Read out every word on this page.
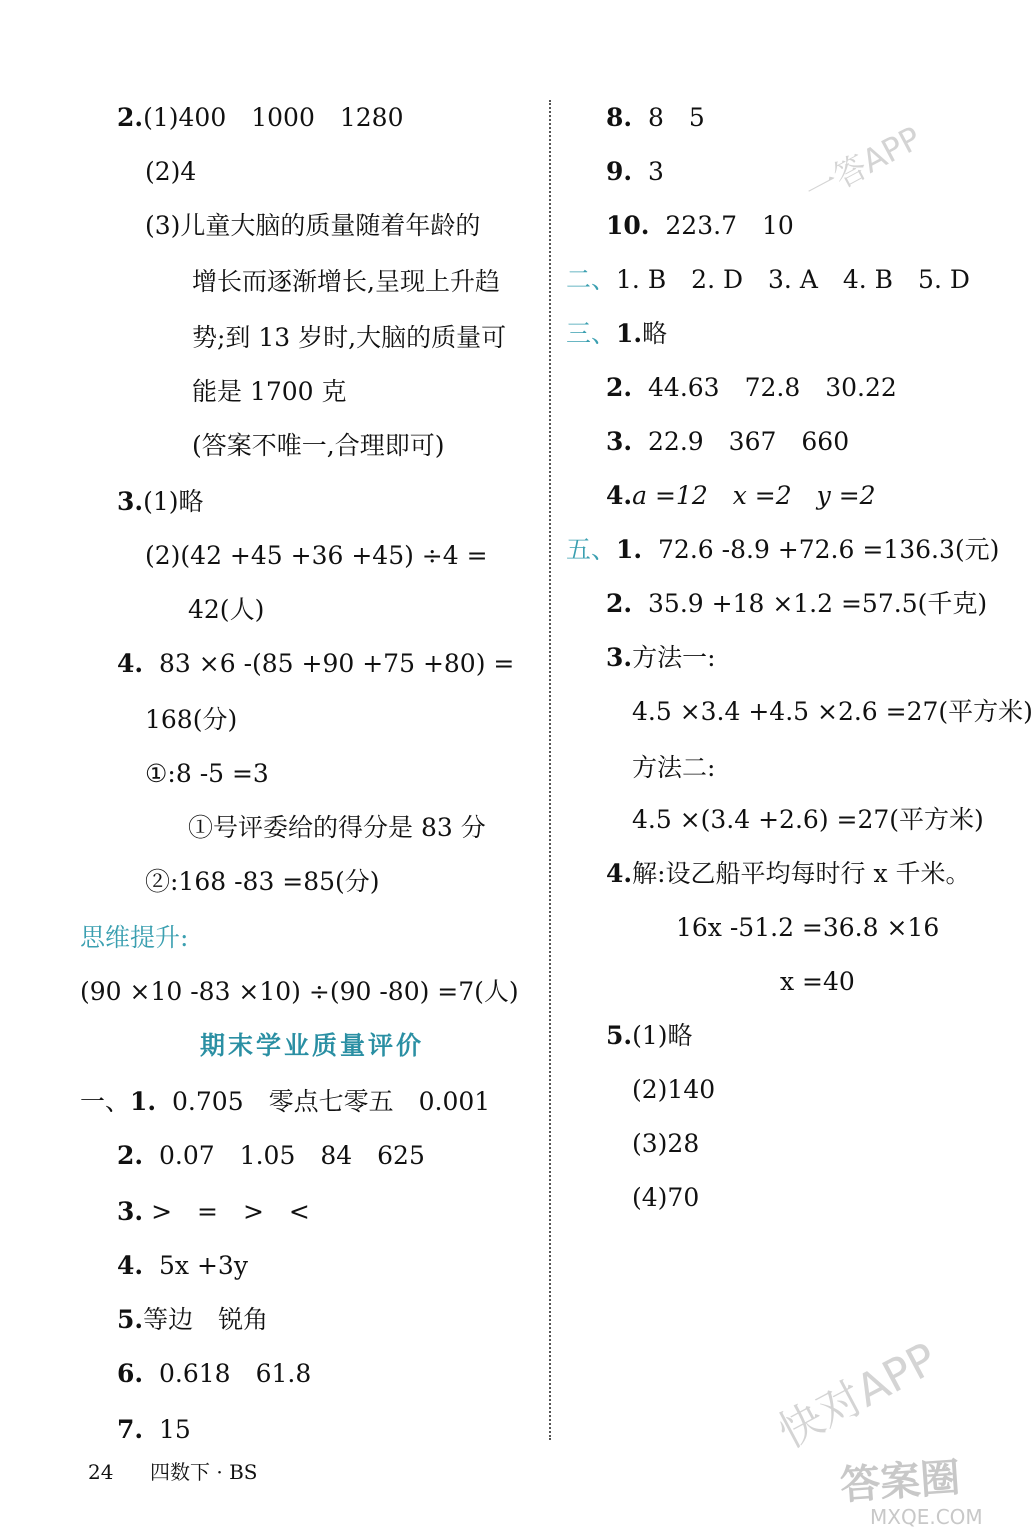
2.(1)400　1000　1280
(2)4
(3)儿童大脑的质量随着年龄的
增长而逐渐增长,呈现上升趋
势;到 13 岁时,大脑的质量可
能是 1700 克
(答案不唯一,合理即可)
3.(1)略
(2)(42 +45 +36 +45) ÷4 =
42(人)
4. 83 ×6 -(85 +90 +75 +80) =
168(分)
①:8 -5 =3
①号评委给的得分是 83 分
②:168 -83 =85(分)
思维提升:
(90 ×10 -83 ×10) ÷(90 -80) =7(人)
期末学业质量评价
一、1. 0.705　零点七零五　0.001
2. 0.07　1.05　84　625
3. >　=　>　<
4. 5x +3y
5.等边　锐角
6. 0.618　61.8
7. 15
8. 8　5
9. 3
10. 223.7　10
二、1. B　2. D　3. A　4. B　5. D
三、1.略
2. 44.63　72.8　30.22
3. 22.9　367　660
4.a =12　x =2　y =2
五、1. 72.6 -8.9 +72.6 =136.3(元)
2. 35.9 +18 ×1.2 =57.5(千克)
3.方法一:
4.5 ×3.4 +4.5 ×2.6 =27(平方米)
方法二:
4.5 ×(3.4 +2.6) =27(平方米)
4.解:设乙船平均每时行 x 千米。
16x -51.2 =36.8 ×16
x =40
5.(1)略
(2)140
(3)28
(4)70
24 四数下 · BS
一答APP
快对APP
答案圈
MXQE.COM
